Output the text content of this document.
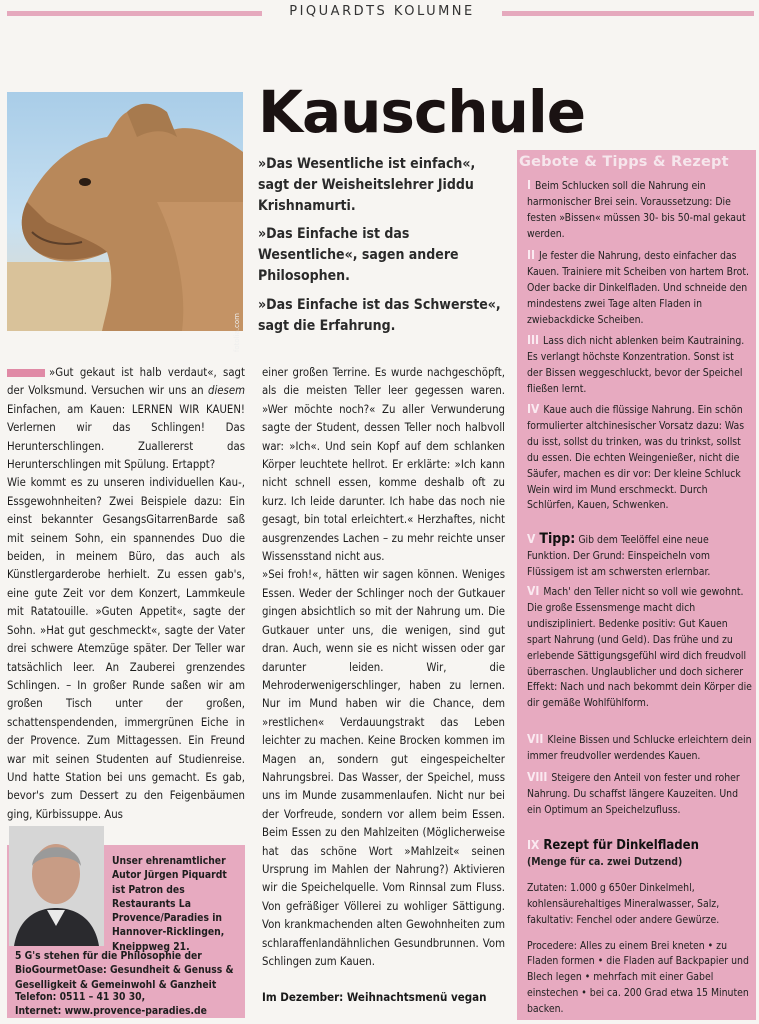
PIQUARDTS KOLUMNE
fotolia.com
Kauschule
»Das Wesentliche ist einfach«, sagt der Weisheitslehrer Jiddu Krishnamurti.
»Das Einfache ist das Wesentliche«, sagen andere Philosophen.
»Das Einfache ist das Schwerste«, sagt die Erfahrung.

»Gut gekaut ist halb verdaut«, sagt der Volksmund. Versuchen wir uns an diesem Einfachen, am Kauen: LERNEN WIR KAUEN! Verlernen wir das Schlingen! Das Herunterschlingen. Zuallererst das Herunterschlingen mit Spülung. Ertappt?

Wie kommt es zu unseren individuellen Kau-, Essgewohnheiten? Zwei Beispiele dazu: Ein einst bekannter GesangsGitarrenBarde saß mit seinem Sohn, ein spannendes Duo die beiden, in meinem Büro, das auch als Künstlergarderobe herhielt. Zu essen gab's, eine gute Zeit vor dem Konzert, Lammkeule mit Ratatouille. »Guten Appetit«, sagte der Sohn. »Hat gut geschmeckt«, sagte der Vater drei schwere Atemzüge später. Der Teller war tatsächlich leer. An Zauberei grenzendes Schlingen. – In großer Runde saßen wir am großen Tisch unter der großen, schattenspendenden, immergrünen Eiche in der Provence. Zum Mittagessen. Ein Freund war mit seinen Studenten auf Studienreise. Und hatte Station bei uns gemacht. Es gab, bevor's zum Dessert zu den Feigenbäumen ging, Kürbissuppe. Aus

einer großen Terrine. Es wurde nachgeschöpft, als die meisten Teller leer gegessen waren. »Wer möchte noch?« Zu aller Verwunderung sagte der Student, dessen Teller noch halbvoll war: »Ich«. Und sein Kopf auf dem schlanken Körper leuchtete hellrot. Er erklärte: »Ich kann nicht schnell essen, komme deshalb oft zu kurz. Ich leide darunter. Ich habe das noch nie gesagt, bin total erleichtert.« Herzhaftes, nicht ausgrenzendes Lachen – zu mehr reichte unser Wissensstand nicht aus.

»Sei froh!«, hätten wir sagen können. Weniges Essen. Weder der Schlinger noch der Gutkauer gingen absichtlich so mit der Nahrung um. Die Gutkauer unter uns, die wenigen, sind gut dran. Auch, wenn sie es nicht wissen oder gar darunter leiden. Wir, die Mehroderwenigerschlinger, haben zu lernen. Nur im Mund haben wir die Chance, dem »restlichen« Verdauungstrakt das Leben leichter zu machen. Keine Brocken kommen im Magen an, sondern gut eingespeichelter Nahrungsbrei. Das Wasser, der Speichel, muss uns im Munde zusammenlaufen. Nicht nur bei der Vorfreude, sondern vor allem beim Essen. Beim Essen zu den Mahlzeiten (Möglicherweise hat das schöne Wort »Mahlzeit« seinen Ursprung im Mahlen der Nahrung?) Aktivieren wir die Speichelquelle. Vom Rinnsal zum Fluss. Von gefräßiger Völlerei zu wohliger Sättigung. Von krankmachenden alten Gewohnheiten zum schlaraffenlandähnlichen Gesundbrunnen. Vom Schlingen zum Kauen.

Im Dezember: Weihnachtsmenü vegan
Gebote & Tipps & Rezept
I Beim Schlucken soll die Nahrung ein harmonischer Brei sein. Voraussetzung: Die festen »Bissen« müssen 30- bis 50-mal gekaut werden.
II Je fester die Nahrung, desto einfacher das Kauen. Trainiere mit Scheiben von hartem Brot. Oder backe dir Dinkelfladen. Und schneide den mindestens zwei Tage alten Fladen in zwiebackdicke Scheiben.
III Lass dich nicht ablenken beim Kautraining. Es verlangt höchste Konzentration. Sonst ist der Bissen weggeschluckt, bevor der Speichel fließen lernt.
IV Kaue auch die flüssige Nahrung. Ein schön formulierter altchinesischer Vorsatz dazu: Was du isst, sollst du trinken, was du trinkst, sollst du essen. Die echten Weingenießer, nicht die Säufer, machen es dir vor: Der kleine Schluck Wein wird im Mund erschmeckt. Durch Schlürfen, Kauen, Schwenken.
V Tipp: Gib dem Teelöffel eine neue Funktion. Der Grund: Einspeicheln vom Flüssigem ist am schwersten erlernbar.
VI Mach' den Teller nicht so voll wie gewohnt. Die große Essensmenge macht dich undiszipliniert. Bedenke positiv: Gut Kauen spart Nahrung (und Geld). Das frühe und zu erlebende Sättigungsgefühl wird dich freudvoll überraschen. Unglaublicher und doch sicherer Effekt: Nach und nach bekommt dein Körper die dir gemäße Wohlfühlform.
VII Kleine Bissen und Schlucke erleichtern dein immer freudvoller werdendes Kauen.
VIII Steigere den Anteil von fester und roher Nahrung. Du schaffst längere Kauzeiten. Und ein Optimum an Speichelzufluss.
IX Rezept für Dinkelfladen
(Menge für ca. zwei Dutzend)
Zutaten: 1.000 g 650er Dinkelmehl, kohlensäurehaltiges Mineralwasser, Salz, fakultativ: Fenchel oder andere Gewürze.
Procedere: Alles zu einem Brei kneten • zu Fladen formen • die Fladen auf Backpapier und Blech legen • mehrfach mit einer Gabel einstechen • bei ca. 200 Grad etwa 15 Minuten backen.
Unser ehrenamtlicher Autor Jürgen Piquardt ist Patron des Restaurants La Provence/Paradies in Hannover-Ricklingen, Kneippweg 21.
5 G's stehen für die Philosophie der BioGourmetOase: Gesundheit & Genuss & Geselligkeit & Gemeinwohl & Ganzheit
Telefon: 0511 – 41 30 30,
Internet: www.provence-paradies.de
